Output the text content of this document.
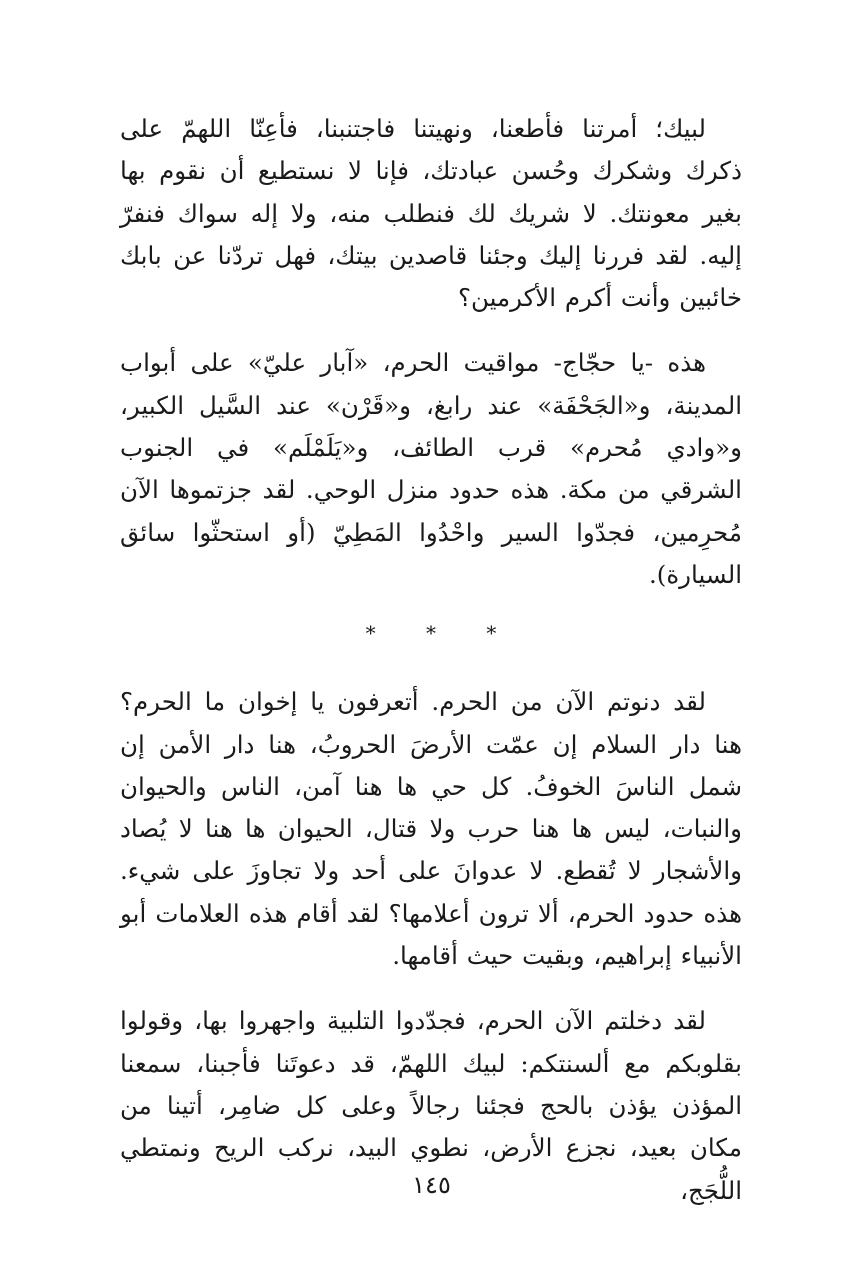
لبيك؛ أمرتنا فأطعنا، ونهيتنا فاجتنبنا، فأعِنّا اللهمّ على ذكرك وشكرك وحُسن عبادتك، فإنا لا نستطيع أن نقوم بها بغير معونتك. لا شريك لك فنطلب منه، ولا إله سواك فنفرّ إليه. لقد فررنا إليك وجئنا قاصدين بيتك، فهل تردّنا عن بابك خائبين وأنت أكرم الأكرمين؟

هذه -يا حجّاج- مواقيت الحرم، «آبار عليّ» على أبواب المدينة، و«الجَحْفَة» عند رابغ، و«قَرْن» عند السَّيل الكبير، و«وادي مُحرم» قرب الطائف، و«يَلَمْلَم» في الجنوب الشرقي من مكة. هذه حدود منزل الوحي. لقد جزتموها الآن مُحرِمين، فجدّوا السير واحْدُوا المَطِيّ (أو استحثّوا سائق السيارة).

* * *

لقد دنوتم الآن من الحرم. أتعرفون يا إخوان ما الحرم؟ هنا دار السلام إن عمّت الأرضَ الحروبُ، هنا دار الأمن إن شمل الناسَ الخوفُ. كل حي ها هنا آمن، الناس والحيوان والنبات، ليس ها هنا حرب ولا قتال، الحيوان ها هنا لا يُصاد والأشجار لا تُقطع. لا عدوانَ على أحد ولا تجاوزَ على شيء. هذه حدود الحرم، ألا ترون أعلامها؟ لقد أقام هذه العلامات أبو الأنبياء إبراهيم، وبقيت حيث أقامها.

لقد دخلتم الآن الحرم، فجدّدوا التلبية واجهروا بها، وقولوا بقلوبكم مع ألسنتكم: لبيك اللهمّ، قد دعوتَنا فأجبنا، سمعنا المؤذن يؤذن بالحج فجئنا رجالاً وعلى كل ضامِر، أتينا من مكان بعيد، نجزع الأرض، نطوي البيد، نركب الريح ونمتطي اللُّجَج،

١٤٥
